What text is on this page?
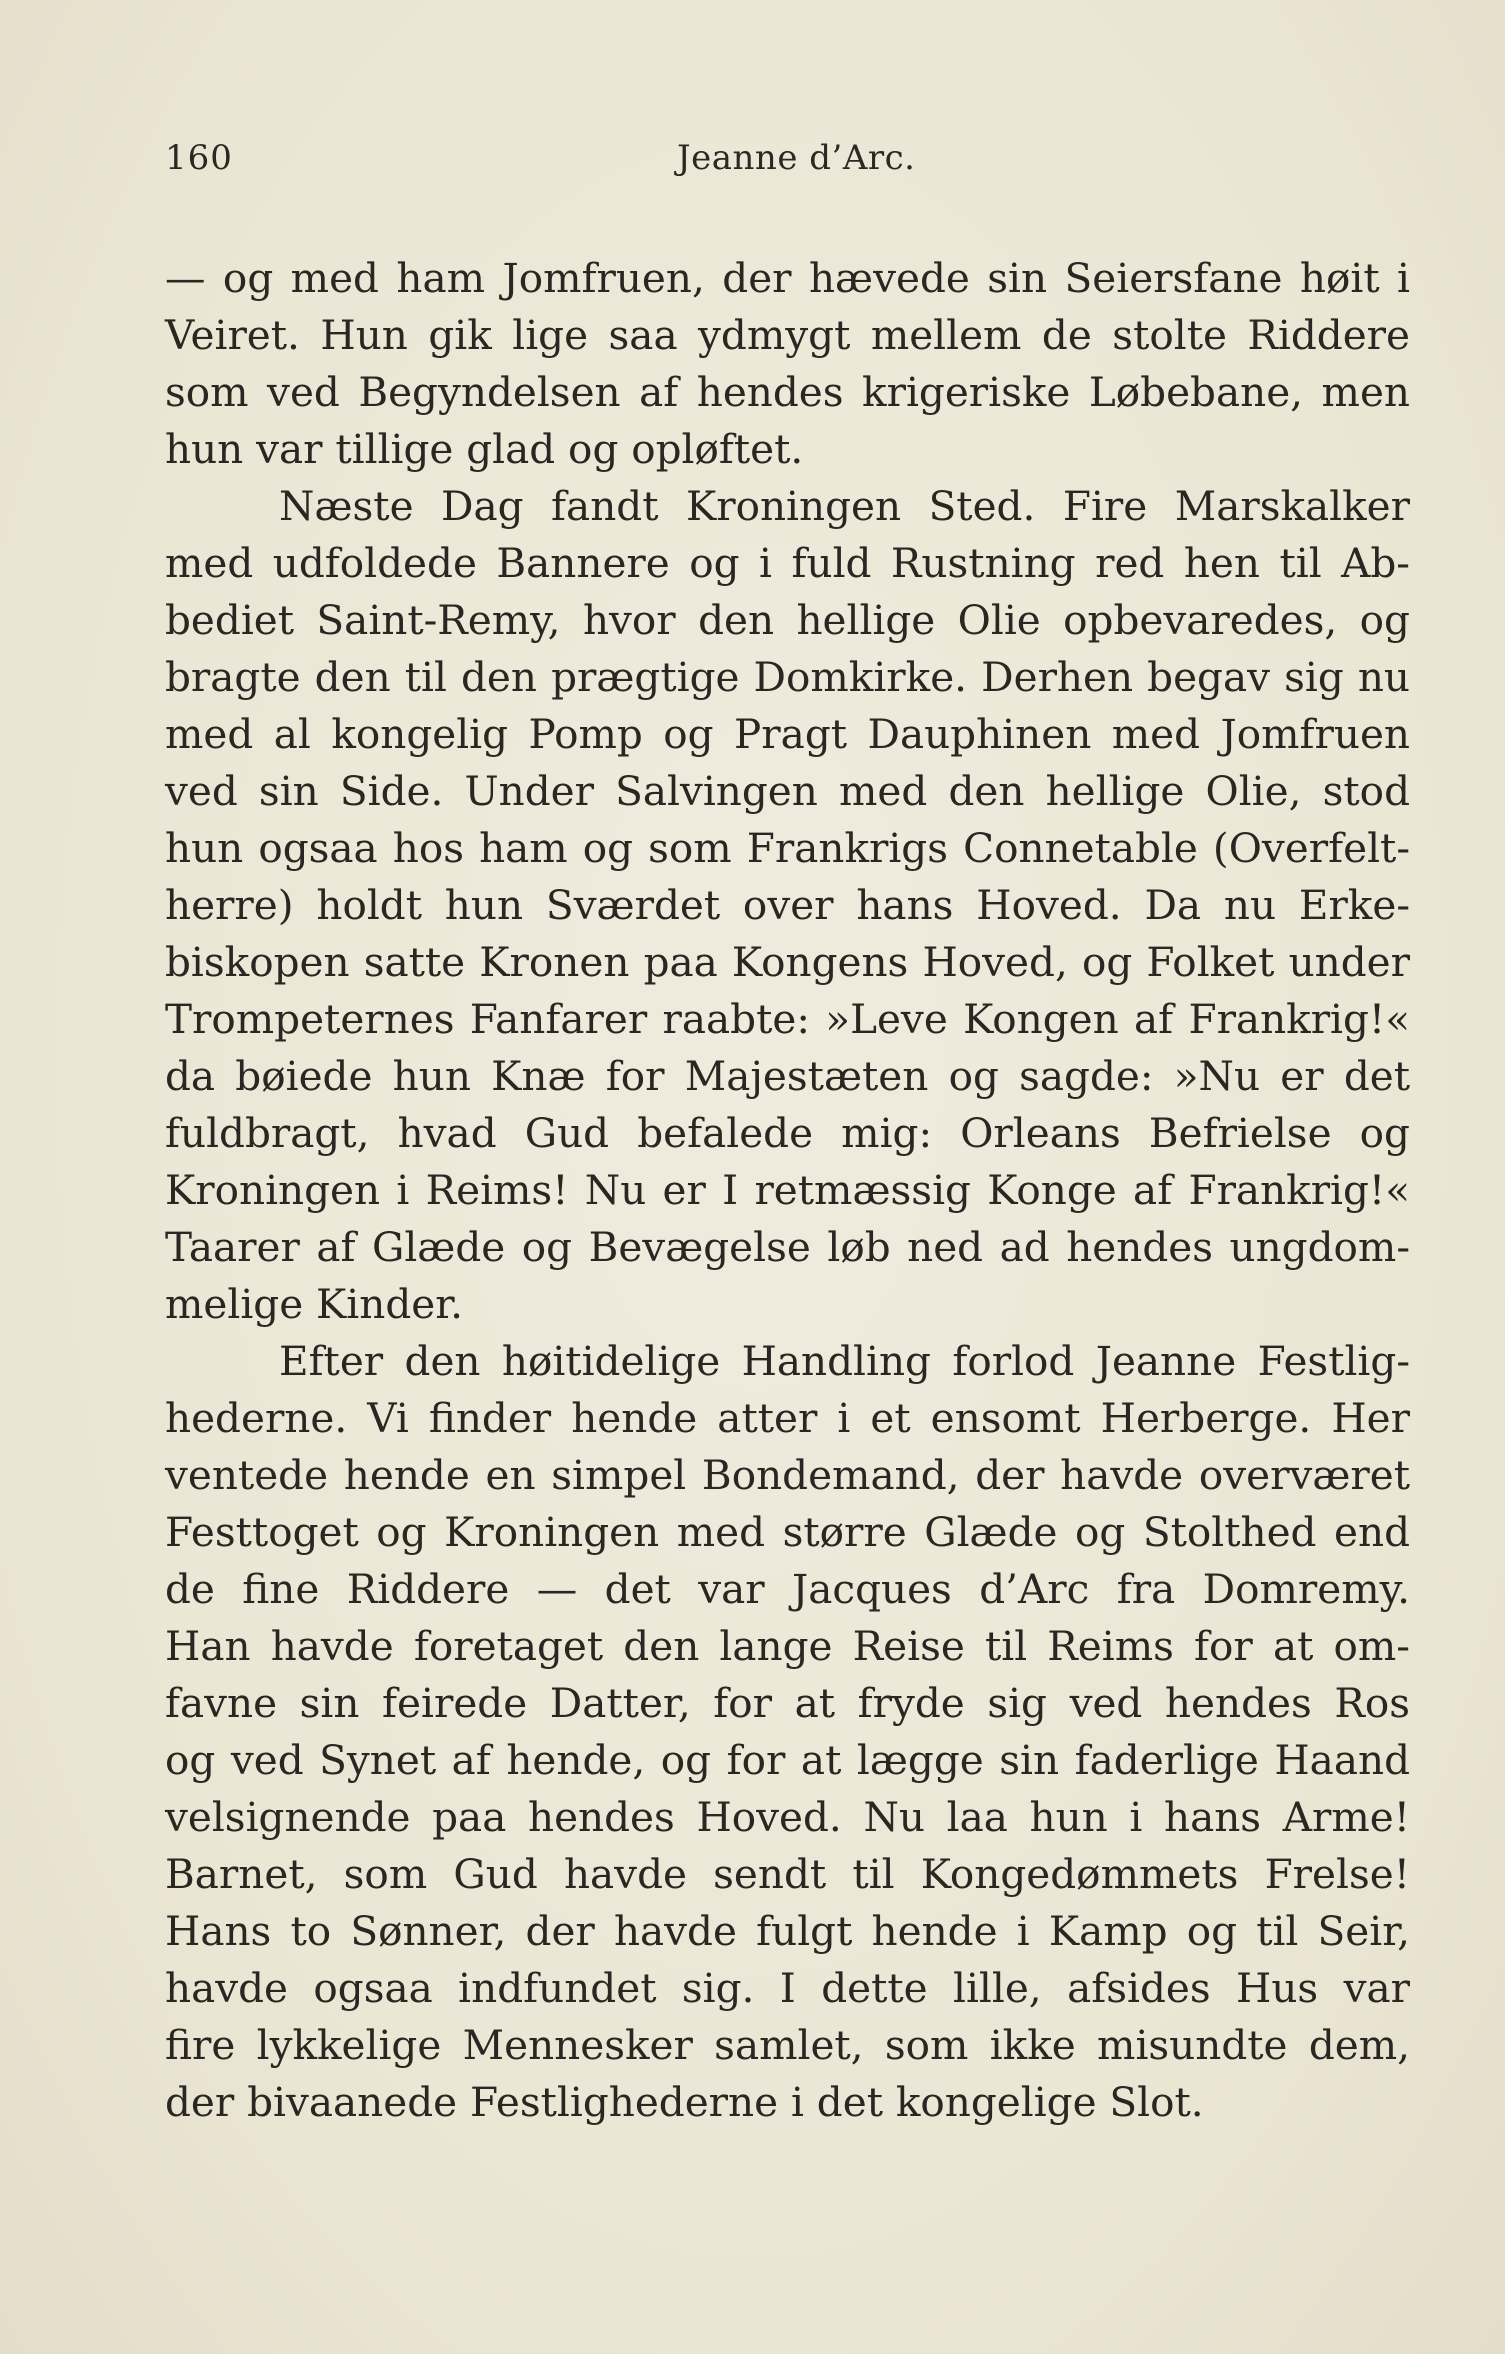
160	Jeanne d’Arc.
— og med ham Jomfruen, der hævede sin Seiersfane høit i
Veiret. Hun gik lige saa ydmygt mellem de stolte Riddere
som ved Begyndelsen af hendes krigeriske Løbebane, men
hun var tillige glad og opløftet.
Næste Dag fandt Kroningen Sted. Fire Marskalker
med udfoldede Bannere og i fuld Rustning red hen til Ab-
bediet Saint-Remy, hvor den hellige Olie opbevaredes, og
bragte den til den prægtige Domkirke. Derhen begav sig nu
med al kongelig Pomp og Pragt Dauphinen med Jomfruen
ved sin Side. Under Salvingen med den hellige Olie, stod
hun ogsaa hos ham og som Frankrigs Connetable (Overfelt-
herre) holdt hun Sværdet over hans Hoved. Da nu Erke-
biskopen satte Kronen paa Kongens Hoved, og Folket under
Trompeternes Fanfarer raabte: »Leve Kongen af Frankrig!«
da bøiede hun Knæ for Majestæten og sagde: »Nu er det
fuldbragt, hvad Gud befalede mig: Orleans Befrielse og
Kroningen i Reims! Nu er I retmæssig Konge af Frankrig!«
Taarer af Glæde og Bevægelse løb ned ad hendes ungdom-
melige Kinder.
Efter den høitidelige Handling forlod Jeanne Festlig-
hederne. Vi finder hende atter i et ensomt Herberge. Her
ventede hende en simpel Bondemand, der havde overværet
Festtoget og Kroningen med større Glæde og Stolthed end
de fine Riddere — det var Jacques d’Arc fra Domremy.
Han havde foretaget den lange Reise til Reims for at om-
favne sin feirede Datter, for at fryde sig ved hendes Ros
og ved Synet af hende, og for at lægge sin faderlige Haand
velsignende paa hendes Hoved. Nu laa hun i hans Arme!
Barnet, som Gud havde sendt til Kongedømmets Frelse!
Hans to Sønner, der havde fulgt hende i Kamp og til Seir,
havde ogsaa indfundet sig. I dette lille, afsides Hus var
fire lykkelige Mennesker samlet, som ikke misundte dem,
der bivaanede Festlighederne i det kongelige Slot.
